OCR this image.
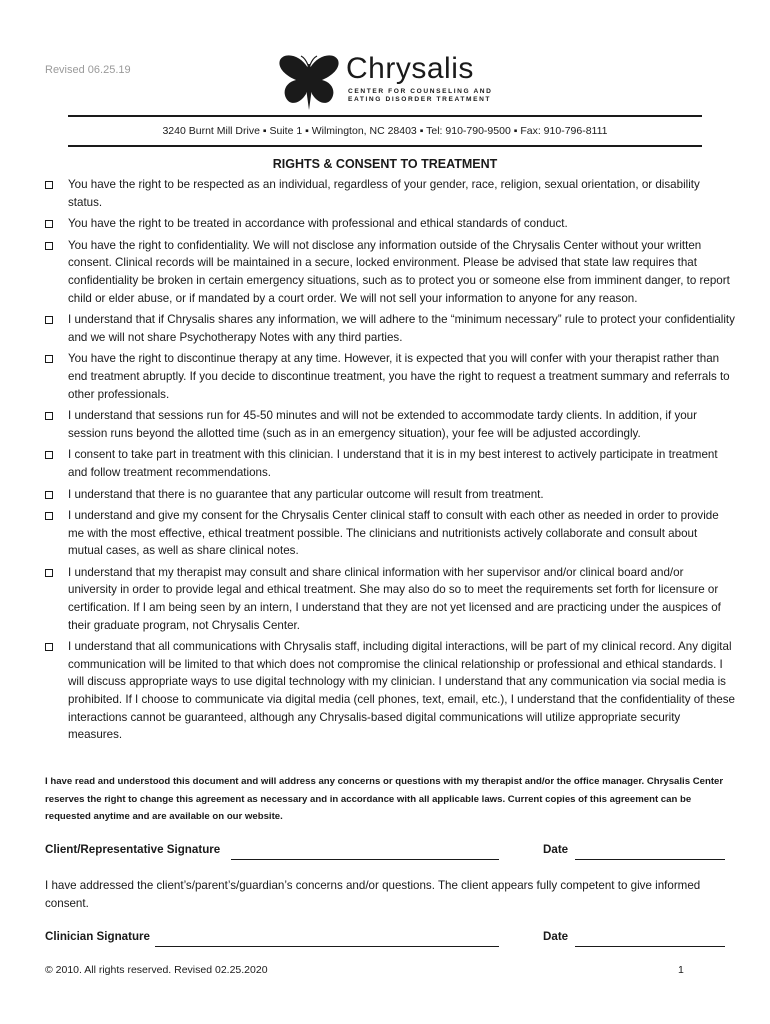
Revised 06.25.19	Chrysalis
CENTER FOR COUNSELING AND
EATING DISORDER TREATMENT
3240 Burnt Mill Drive ▪ Suite 1 ▪ Wilmington, NC 28403 ▪ Tel: 910-790-9500 ▪ Fax: 910-796-8111
RIGHTS & CONSENT TO TREATMENT
You have the right to be respected as an individual, regardless of your gender, race, religion, sexual orientation, or disability status.
You have the right to be treated in accordance with professional and ethical standards of conduct.
You have the right to confidentiality. We will not disclose any information outside of the Chrysalis Center without your written consent. Clinical records will be maintained in a secure, locked environment. Please be advised that state law requires that confidentiality be broken in certain emergency situations, such as to protect you or someone else from imminent danger, to report child or elder abuse, or if mandated by a court order. We will not sell your information to anyone for any reason.
I understand that if Chrysalis shares any information, we will adhere to the “minimum necessary” rule to protect your confidentiality and we will not share Psychotherapy Notes with any third parties.
You have the right to discontinue therapy at any time. However, it is expected that you will confer with your therapist rather than end treatment abruptly. If you decide to discontinue treatment, you have the right to request a treatment summary and referrals to other professionals.
I understand that sessions run for 45-50 minutes and will not be extended to accommodate tardy clients. In addition, if your session runs beyond the allotted time (such as in an emergency situation), your fee will be adjusted accordingly.
I consent to take part in treatment with this clinician. I understand that it is in my best interest to actively participate in treatment and follow treatment recommendations.
I understand that there is no guarantee that any particular outcome will result from treatment.
I understand and give my consent for the Chrysalis Center clinical staff to consult with each other as needed in order to provide me with the most effective, ethical treatment possible. The clinicians and nutritionists actively collaborate and consult about mutual cases, as well as share clinical notes.
I understand that my therapist may consult and share clinical information with her supervisor and/or clinical board and/or university in order to provide legal and ethical treatment. She may also do so to meet the requirements set forth for licensure or certification. If I am being seen by an intern, I understand that they are not yet licensed and are practicing under the auspices of their graduate program, not Chrysalis Center.
I understand that all communications with Chrysalis staff, including digital interactions, will be part of my clinical record. Any digital communication will be limited to that which does not compromise the clinical relationship or professional and ethical standards. I will discuss appropriate ways to use digital technology with my clinician. I understand that any communication via social media is prohibited. If I choose to communicate via digital media (cell phones, text, email, etc.), I understand that the confidentiality of these interactions cannot be guaranteed, although any Chrysalis-based digital communications will utilize appropriate security measures.
I have read and understood this document and will address any concerns or questions with my therapist and/or the office manager. Chrysalis Center reserves the right to change this agreement as necessary and in accordance with all applicable laws. Current copies of this agreement can be requested anytime and are available on our website.
Client/Representative Signature	Date
I have addressed the client’s/parent’s/guardian’s concerns and/or questions. The client appears fully competent to give informed consent.
Clinician Signature	Date
© 2010. All rights reserved. Revised 02.25.2020	1
